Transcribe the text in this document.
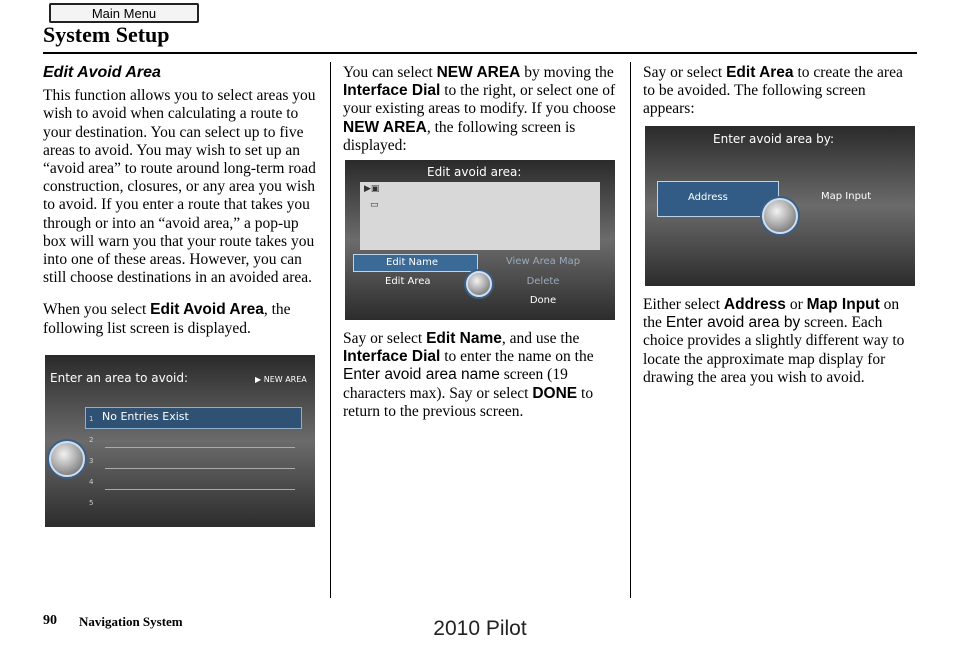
Main Menu
System Setup
Edit Avoid Area

This function allows you to select areas you wish to avoid when calculating a route to your destination. You can select up to five areas to avoid. You may wish to set up an “avoid area” to route around long-term road construction, closures, or any area you wish to avoid. If you enter a route that takes you through or into an “avoid area,” a pop-up box will warn you that your route takes you into one of these areas. However, you can still choose destinations in an avoided area.

When you select Edit Avoid Area, the following list screen is displayed.

Enter an area to avoid:	▶ NEW AREA
No Entries Exist
1
2
3
4
5

You can select NEW AREA by moving the Interface Dial to the right, or select one of your existing areas to modify. If you choose NEW AREA, the following screen is displayed:

Edit avoid area:
▶▣
▭
Edit Name
Edit Area
View Area Map
Delete
Done

Say or select Edit Name, and use the Interface Dial to enter the name on the Enter avoid area name screen (19 characters max). Say or select DONE to return to the previous screen.

Say or select Edit Area to create the area to be avoided. The following screen appears:

Enter avoid area by:
Address	Map Input

Either select Address or Map Input on the Enter avoid area by screen. Each choice provides a slightly different way to locate the approximate map display for drawing the area you wish to avoid.

90 Navigation System	2010 Pilot
